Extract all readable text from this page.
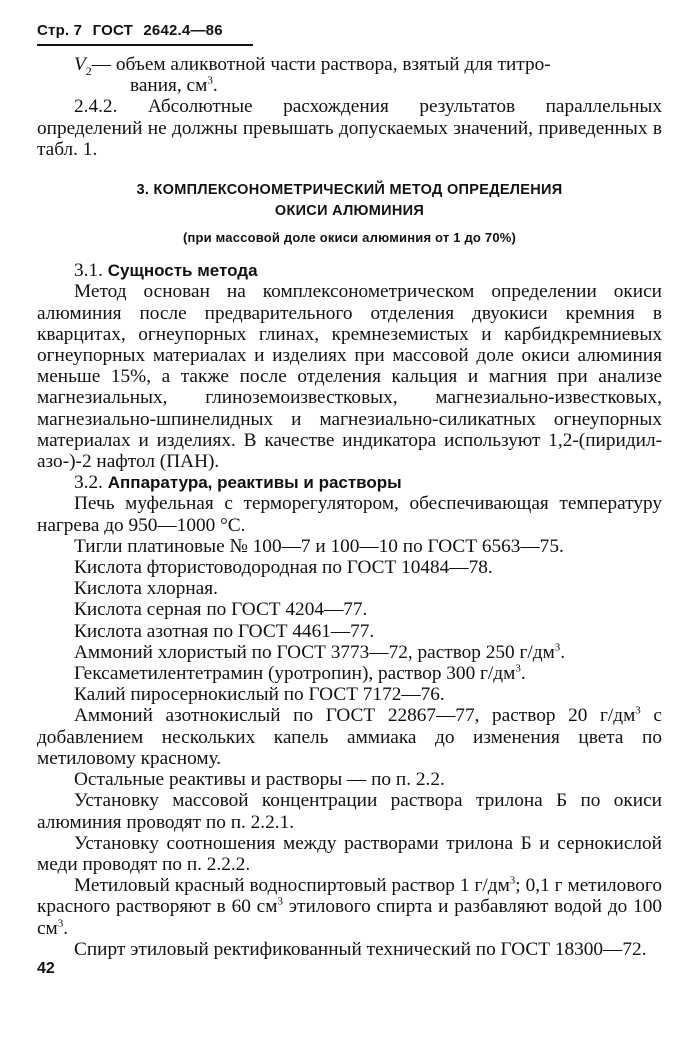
Стр. 7 ГОСТ 2642.4—86

$V_2—$ объем аликвотной части раствора, взятый для титро-
вания, $см^3$.

2.4.2. Абсолютные расхождения результатов параллельных определений не должны превышать допускаемых значений, приведенных в табл. 1.

3. КОМПЛЕКСОНОМЕТРИЧЕСКИЙ МЕТОД ОПРЕДЕЛЕНИЯ

ОКИСИ АЛЮМИНИЯ

(при массовой доле окиси алюминия от 1 до 70%)

3.1. Сущность метода

Метод основан на комплексонометрическом определении окиси алюминия после предварительного отделения двуокиси кремния в кварцитах, огнеупорных глинах, кремнеземистых и карбидкремниевых огнеупорных материалах и изделиях при массовой доле окиси алюминия меньше 15%, а также после отделения кальция и магния при анализе магнезиальных, глиноземоизвестковых, магнезиально-известковых, магнезиально-шпинелидных и магнезиально-силикатных огнеупорных материалах и изделиях. В качестве индикатора используют 1,2-(пиридил-азо-)-2 нафтол (ПАН).

3.2. Аппаратура, реактивы и растворы

Печь муфельная с терморегулятором, обеспечивающая температуру нагрева до 950—1000 °С.

Тигли платиновые № 100—7 и 100—10 по ГОСТ 6563—75.

Кислота фтористоводородная по ГОСТ 10484—78.

Кислота хлорная.

Кислота серная по ГОСТ 4204—77.

Кислота азотная по ГОСТ 4461—77.

Аммоний хлористый по ГОСТ 3773—72, раствор 250 $г/дм^3$.

Гексаметилентетрамин (уротропин), раствор 300 $г/дм^3$.

Калий пиросернокислый по ГОСТ 7172—76.

Аммоний азотнокислый по ГОСТ 22867—77, раствор 20 $г/дм^3$ с добавлением нескольких капель аммиака до изменения цвета по метиловому красному.

Остальные реактивы и растворы — по п. 2.2.

Установку массовой концентрации раствора трилона Б по окиси алюминия проводят по п. 2.2.1.

Установку соотношения между растворами трилона Б и сернокислой меди проводят по п. 2.2.2.

Метиловый красный водноспиртовый раствор 1 $г/дм^3$; 0,1 г метилового красного растворяют в 60 $см^3$ этилового спирта и разбавляют водой до 100 $см^3$.

Спирт этиловый ректификованный технический по ГОСТ 18300—72.

42
